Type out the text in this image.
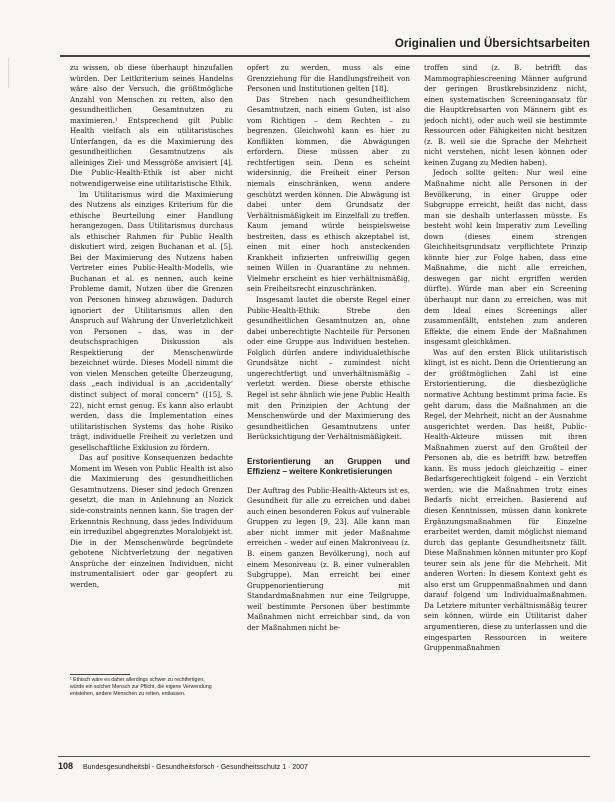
Originalien und Übersichtsarbeiten

zu wissen, ob diese überhaupt hinzufallen würden. Der Leitkriterium seines Handelns wäre also der Versuch, die größtmögliche Anzahl von Menschen zu retten, also den gesundheitlichen Gesamtnutzen zu maximieren.¹ Entsprechend gilt Public Health vielfach als ein utilitaristisches Unterfangen, da es die Maximierung des gesundheitlichen Gesamtnutzens als alleiniges Ziel- und Messgröße anvisiert [4]. Die Public-Health-Ethik ist aber nicht notwendigerweise eine utilitaristische Ethik.

Im Utilitarismus wird die Maximierung des Nutzens als einziges Kriterium für die ethische Beurteilung einer Handlung herangezogen. Dass Utilitarismus durchaus als ethischer Rahmen für Public Health diskutiert wird, zeigen Buchanan et al. [5]. Bei der Maximierung des Nutzens haben Vertreter eines Public-Health-Modells, wie Buchanan et al. es nennen, auch keine Probleme damit, Nutzen über die Grenzen von Personen hinweg abzuwägen. Dadurch ignoriert der Utilitarismus allen den Anspruch auf Wahrung der Unverletzlichkeit von Personen – das, was in der deutschsprachigen Diskussion als Respektierung der Menschenwürde bezeichnet würde. Dieses Modell nimmt die von vielen Menschen geteilte Überzeugung, dass „each individual is an ‚accidentally‘ distinct subject of moral concern“ ([15], S. 22), nicht ernst genug. Es kann also erlaubt werden, dass die Implementation eines utilitaristischen Systems das hohe Risiko trägt, individuelle Freiheit zu verletzen und gesellschaftliche Exklusion zu fördern.

Das auf positive Konsequenzen bedachte Moment im Wesen von Public Health ist also die Maximierung des gesundheitlichen Gesamtnutzens. Dieser sind jedoch Grenzen gesetzt, die man in Anlehnung an Nozick side-constraints nennen kann. Sie tragen der Erkenntnis Rechnung, dass jedes Individuum ein irreduzibel abgegrenztes Moralobjekt ist. Die in der Menschenwürde begründete gebotene Nichtverletzung der negativen Ansprüche der einzelnen Individuen, nicht instrumentalisiert oder gar geopfert zu werden,

opfert zu werden, muss als eine Grenzziehung für die Handlungsfreiheit von Personen und Institutionen gelten [18].

Das Streben nach gesundheitlichem Gesamtnutzen, nach einem Guten, ist also vom Richtigen – dem Rechten – zu begrenzen. Gleichwohl kann es hier zu Konflikten kommen, die Abwägungen erfordern. Diese müssen aber zu rechtfertigen sein. Denn es scheint widersinnig, die Freiheit einer Person niemals einschränken, wenn andere geschützt werden können. Die Abwägung ist dabei unter dem Grundsatz der Verhältnismäßigkeit im Einzelfall zu treffen. Kaum jemand würde beispielsweise bestreiten, dass es ethisch akzeptabel ist, einen mit einer hoch ansteckenden Krankheit infizierten unfreiwillig gegen seinen Willen in Quarantäne zu nehmen. Vielmehr erscheint es hier verhältnismäßig, sein Freiheitsrecht einzuschränken.

Insgesamt lautet die oberste Regel einer Public-Health-Ethik: Strebe den gesundheitlichen Gesamtnutzen an, ohne dabei unberechtigte Nachteile für Personen oder eine Gruppe aus Individuen bestehen. Folglich dürfen andere individualethische Grundsätze nicht – zumindest nicht ungerechtfertigt und unverhältnismäßig – verletzt werden. Diese oberste ethische Regel ist sehr ähnlich wie jene Public Health mit den Prinzipien der Achtung der Menschenwürde und der Maximierung des gesundheitlichen Gesamtnutzens unter Berücksichtigung der Verhältnismäßigkeit.

Erstorientierung an Gruppen und Effizienz – weitere Konkretisierungen

Der Auftrag des Public-Health-Akteurs ist es, Gesundheit für alle zu erreichen und dabei auch einen besonderen Fokus auf vulnerable Gruppen zu legen [9, 23]. Alle kann man aber nicht immer mit jeder Maßnahme erreichen – weder auf einen Makroniveau (z. B. einem ganzen Bevölkerung), noch auf einem Mesoniveau (z. B. einer vulnerablen Subgruppe). Man erreicht bei einer Gruppenorientierung mit Standardmaßnahmen nur eine Teilgruppe, weil bestimmte Personen über bestimmte Maßnahmen nicht erreichbar sind, da von der Maßnahmen nicht be-

troffen sind (z. B. betrifft das Mammographiescreening Männer aufgrund der geringen Brustkrebsinzidenz nicht, einen systematischen Screeningansatz für die Hauptkrebsarten von Männern gibt es jedoch nicht), oder auch weil sie bestimmte Ressourcen oder Fähigkeiten nicht besitzen (z. B. weil sie die Sprache der Mehrheit nicht verstehen, nicht lesen können oder keinen Zugang zu Medien haben).

Jedoch sollte gelten: Nur weil eine Maßnahme nicht alle Personen in der Bevölkerung, in einer Gruppe oder Subgruppe erreicht, heißt das nicht, dass man sie deshalb unterlassen müsste. Es besteht wohl kein Imperativ zum Levelling down (dieses einem strengen Gleichheitsgrundsatz verpflichtete Prinzip könnte hier zur Folge haben, dass eine Maßnahme, die nicht alle erreichen, deswegen gar nicht ergriffen werden dürfte). Würde man aber ein Screening überhaupt nur dann zu erreichen, was mit dem Ideal eines Screenings aller zusammenfällt, entstehen zum anderen Effekte, die einem Ende der Maßnahmen insgesamt gleichkämen.

Was auf den ersten Blick utilitaristisch klingt, ist es nicht. Denn die Orientierung an der größtmöglichen Zahl ist eine Erstorientierung, die diesbezügliche normative Achtung bestimmt prima facie. Es geht darum, dass die Maßnahmen an die Regel, der Mehrheit, nicht an der Ausnahme ausgerichtet werden. Das heißt, Public-Health-Akteure müssen mit ihren Maßnahmen zuerst auf den Großteil der Personen ab, die es betrifft bzw. betreffen kann. Es muss jedoch gleichzeitig – einer Bedarfsgerechtigkeit folgend – ein Verzicht werden, wie die Maßnahmen trotz eines Bedarfs nicht erreichen. Basierend auf diesen Kenntnissen, müssen dann konkrete Ergänzungsmaßnahmen für Einzelne erarbeitet werden, damit möglichst niemand durch das geplante Gesundheitsnetz fällt. Diese Maßnahmen können mitunter pro Kopf teurer sein als jene für die Mehrheit. Mit anderen Worten: In diesem Kontext geht es also erst um Gruppenmaßnahmen und dann darauf folgend um Individualmaßnahmen. Da Letztere mitunter verhältnismäßig teurer sein können, würde ein Utilitarist daher argumentieren, diese zu unterlassen und die eingesparten Ressourcen in weitere Gruppenmaßnahmen

¹ Ethisch wäre es daher allerdings schwer zu rechtfertigen, würde ein solcher Mensch zur Pflicht, die eigene Verwendung entstehen, andere Menschen zu retten, entlassen.
108 Bundesgesundheitsbl - Gesundheitsforsch - Gesundheitsschutz 1 · 2007
